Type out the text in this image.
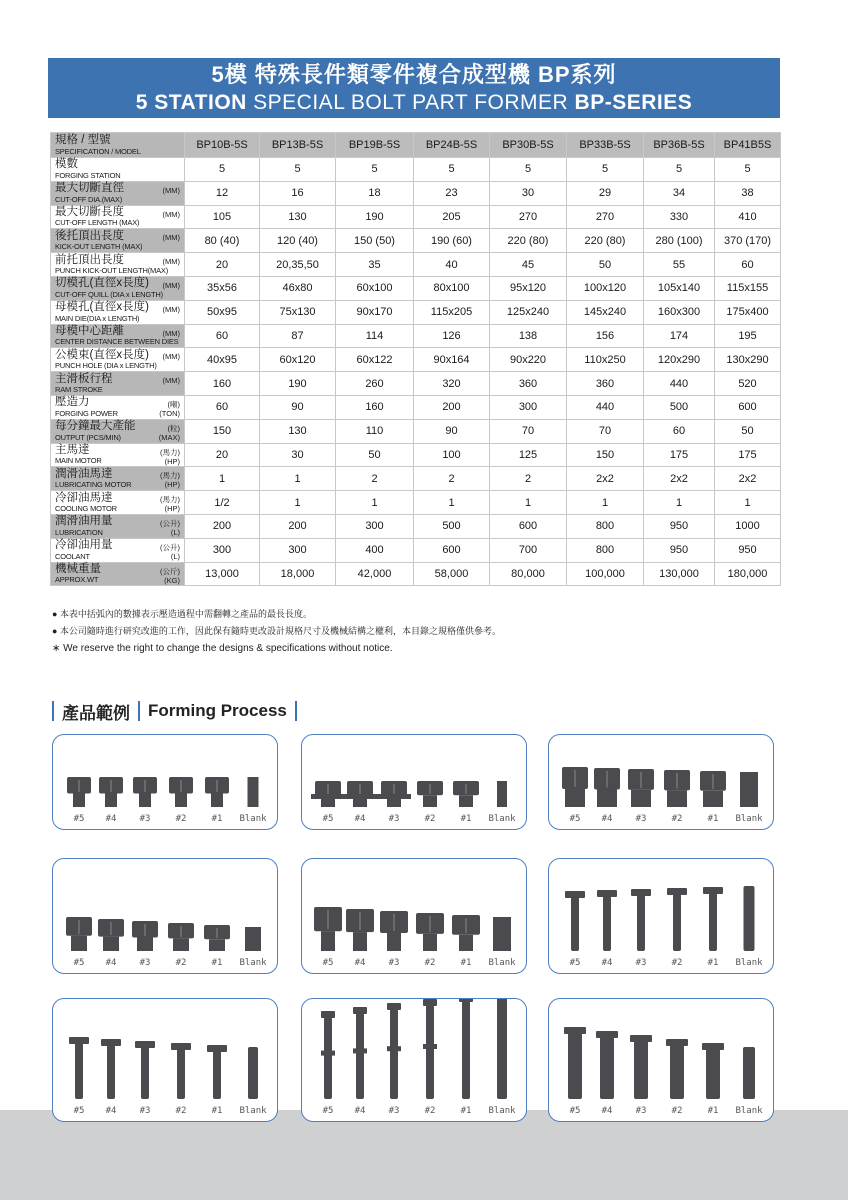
5模 特殊長件類零件複合成型機 BP系列
5 STATION SPECIAL BOLT PART FORMER BP-SERIES
規格 / 型號
SPECIFICATION / MODEL	BP10B-5S	BP13B-5S	BP19B-5S	BP24B-5S	BP30B-5S	BP33B-5S	BP36B-5S	BP41B5S

模數
FORGING STATION	5	5	5	5	5	5	5	5

最大切斷直徑
CUT-OFF DIA.(MAX)
(MM)	12	16	18	23	30	29	34	38

最大切斷長度
CUT-OFF LENGTH (MAX)
(MM)	105	130	190	205	270	270	330	410

後托頂出長度
KICK-OUT LENGTH (MAX)
(MM)	80 (40)	120 (40)	150 (50)	190 (60)	220 (80)	220 (80)	280 (100)	370 (170)

前托頂出長度
PUNCH KICK-OUT LENGTH(MAX)
(MM)	20	20,35,50	35	40	45	50	55	60

切模孔(直徑x長度)
CUT-OFF QUILL (DIA x LENGTH)
(MM)	35x56	46x80	60x100	80x100	95x120	100x120	105x140	115x155

母模孔(直徑x長度)
MAIN DIE(DIA x LENGTH)
(MM)	50x95	75x130	90x170	115x205	125x240	145x240	160x300	175x400

母模中心距離
CENTER DISTANCE BETWEEN DIES
(MM)	60	87	114	126	138	156	174	195

公模束(直徑x長度)
PUNCH HOLE (DIA x LENGTH)
(MM)	40x95	60x120	60x122	90x164	90x220	110x250	120x290	130x290

主滑板行程
RAM STROKE
(MM)	160	190	260	320	360	360	440	520

壓造力
FORGING POWER
(噸)
(TON)	60	90	160	200	300	440	500	600

每分鐘最大產能
OUTPUT (PCS/MIN)
(粒)
(MAX)	150	130	110	90	70	70	60	50

主馬達
MAIN MOTOR
(馬力)
(HP)	20	30	50	100	125	150	175	175

潤滑油馬達
LUBRICATING MOTOR
(馬力)
(HP)	1	1	2	2	2	2x2	2x2	2x2

冷卻油馬達
COOLING MOTOR
(馬力)
(HP)	1/2	1	1	1	1	1	1	1

潤滑油用量
LUBRICATION
(公升)
(L)	200	200	300	500	600	800	950	1000

冷卻油用量
COOLANT
(公升)
(L)	300	300	400	600	700	800	950	950

機械重量
APPROX.WT
(公斤)
(KG)	13,000	18,000	42,000	58,000	80,000	100,000	130,000	180,000
● 本表中括弧內的數據表示壓造過程中需翻轉之產品的最長長度。
● 本公司隨時進行研究改進的工作，因此保有隨時更改設計規格尺寸及機械結構之權利，本目錄之規格僅供參考。
∗ We reserve the right to change the designs & specifications without notice.
產品範例 Forming Process
#5 #4	#3	#2	#1 Blank	#5 #4	#3	#2	#1 Blank	#5 #4	#3	#2	#1 Blank
#5 #4	#3	#2	#1 Blank	#5 #4	#3	#2	#1 Blank	#5 #4	#3	#2	#1 Blank
#5 #4	#3	#2	#1 Blank	#5 #4	#3	#2	#1 Blank	#5 #4	#3	#2	#1 Blank
